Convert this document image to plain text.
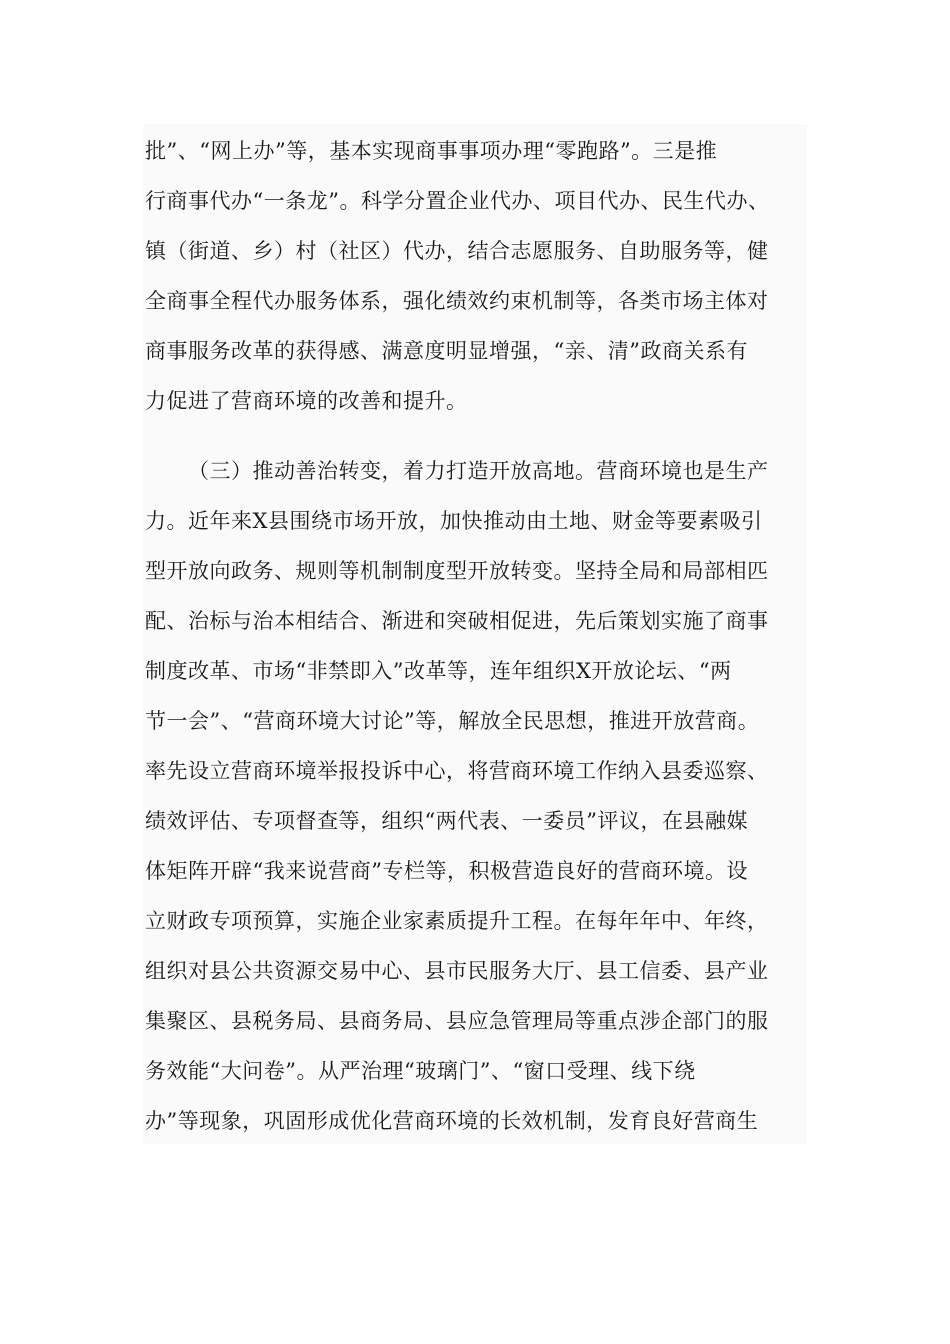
批”、“网上办”等，基本实现商事事项办理“零跑路”。三是推
行商事代办“一条龙”。科学分置企业代办、项目代办、民生代办、
镇（街道、乡）村（社区）代办，结合志愿服务、自助服务等，健
全商事全程代办服务体系，强化绩效约束机制等，各类市场主体对
商事服务改革的获得感、满意度明显增强，“亲、清”政商关系有
力促进了营商环境的改善和提升。
（三）推动善治转变，着力打造开放高地。营商环境也是生产
力。近年来X县围绕市场开放，加快推动由土地、财金等要素吸引
型开放向政务、规则等机制制度型开放转变。坚持全局和局部相匹
配、治标与治本相结合、渐进和突破相促进，先后策划实施了商事
制度改革、市场“非禁即入”改革等，连年组织X开放论坛、“两
节一会”、“营商环境大讨论”等，解放全民思想，推进开放营商。
率先设立营商环境举报投诉中心，将营商环境工作纳入县委巡察、
绩效评估、专项督查等，组织“两代表、一委员”评议，在县融媒
体矩阵开辟“我来说营商”专栏等，积极营造良好的营商环境。设
立财政专项预算，实施企业家素质提升工程。在每年年中、年终，
组织对县公共资源交易中心、县市民服务大厅、县工信委、县产业
集聚区、县税务局、县商务局、县应急管理局等重点涉企部门的服
务效能“大问卷”。从严治理“玻璃门”、“窗口受理、线下绕
办”等现象，巩固形成优化营商环境的长效机制，发育良好营商生
